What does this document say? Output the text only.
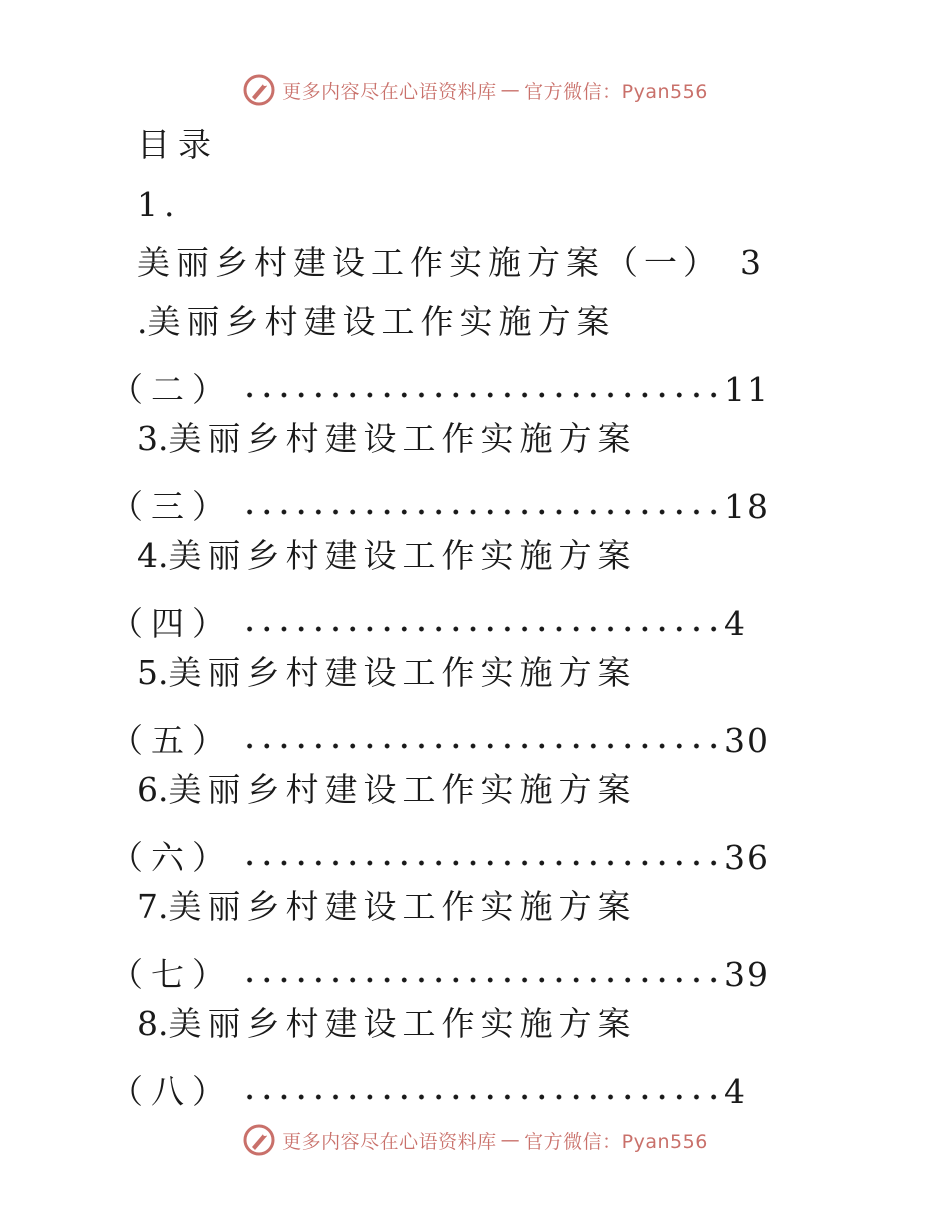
更多内容尽在心语资料库 — 官方微信：Pyan556
目录
1.
美丽乡村建设工作实施方案（一） 3
.美丽乡村建设工作实施方案
（二）	11
3.美丽乡村建设工作实施方案
（三）	18
4.美丽乡村建设工作实施方案
（四）	4
5.美丽乡村建设工作实施方案
（五）	30
6.美丽乡村建设工作实施方案
（六）	36
7.美丽乡村建设工作实施方案
（七）	39
8.美丽乡村建设工作实施方案
（八）	4
更多内容尽在心语资料库 — 官方微信：Pyan556
